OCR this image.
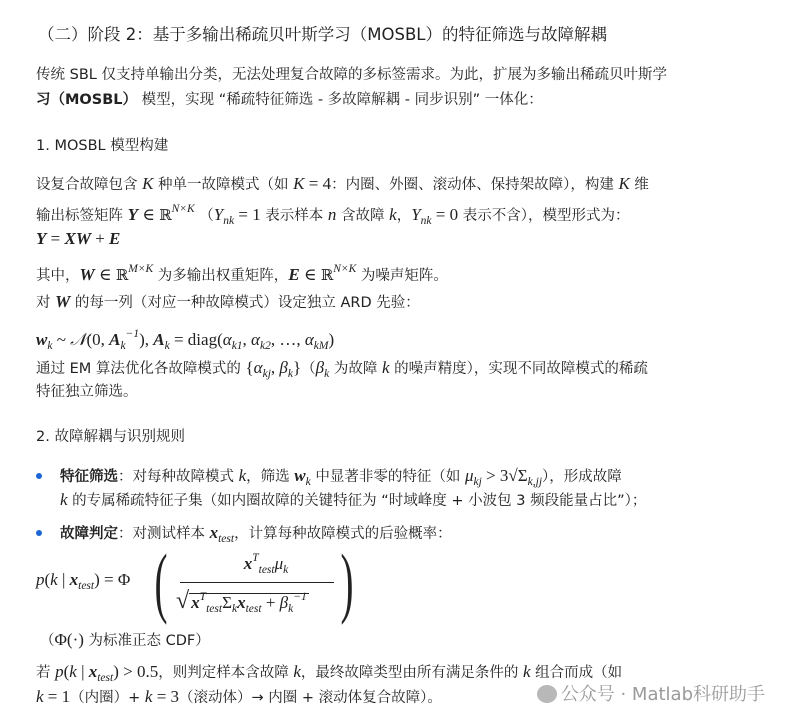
（二）阶段 2：基于多输出稀疏贝叶斯学习（MOSBL）的特征筛选与故障解耦
传统 SBL 仅支持单输出分类，无法处理复合故障的多标签需求。为此，扩展为多输出稀疏贝叶斯学
习（MOSBL） 模型，实现 “稀疏特征筛选 - 多故障解耦 - 同步识别” 一体化：
1. MOSBL 模型构建
设复合故障包含 K 种单一故障模式（如 K = 4：内圈、外圈、滚动体、保持架故障），构建 K 维
输出标签矩阵 Y ∈ ℝ$^{N\times K}$ （$Y_{nk} = 1$ 表示样本 n 含故障 k，$Y_{nk} = 0$ 表示不含），模型形式为：
Y = XW + E
其中，W ∈ ℝ$^{M\times K}$ 为多输出权重矩阵，E ∈ ℝ$^{N\times K}$ 为噪声矩阵。
对 W 的每一列（对应一种故障模式）设定独立 ARD 先验：
$w_k$ ~ 𝒩(0, $A_k^{-1}$), $A_k$ = $diag(\alpha_{k1}$, $\alpha_{k2}$, …, $\alpha_{kM}$)
通过 EM 算法优化各故障模式的 {$\alpha_{kj}$, $\beta_k\}(\beta_k$ 为故障 k 的噪声精度），实现不同故障模式的稀疏
特征独立筛选。
2. 故障解耦与识别规则
特征筛选：对每种故障模式 k，筛选 $w_k$ 中显著非零的特征（如 $\mu_{kj} > 3√\Sigma_{k,jj}$），形成故障
k 的专属稀疏特征子集（如内圈故障的关键特征为 “时域峰度 + 小波包 3 频段能量占比”）；
故障判定：对测试样本 $x_{test}$，计算每种故障模式的后验概率：
p(k | $x_{test}) = \Phi$ (	$x^T_{test}\mu_k$
√ $x^T_{test}\Sigma_kx_{test} + \beta_k^{-1}$ )
（Φ(·) 为标准正态 CDF）
若 p(k | $x_{test}) > 0.5$，则判定样本含故障 k，最终故障类型由所有满足条件的 k 组合而成（如
k = 1（内圈）+ k = 3（滚动体）→ 内圈 + 滚动体复合故障）。	公众号 · Matlab科研助手
